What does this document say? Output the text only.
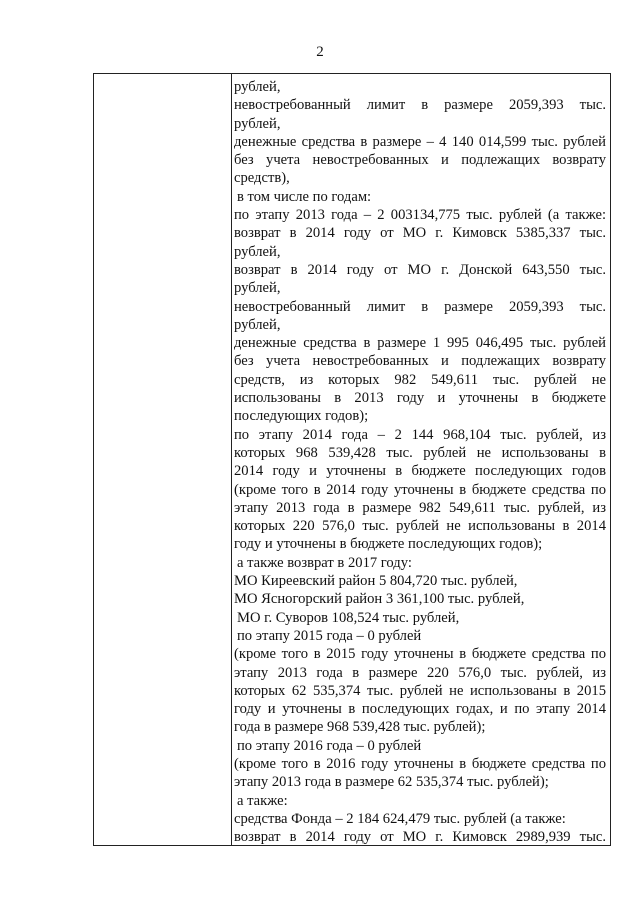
2
рублей,
невостребованный лимит в размере 2059,393 тыс.
рублей,
денежные средства в размере – 4 140 014,599 тыс. рублей
без учета невостребованных и подлежащих возврату
средств),
в том числе по годам:
по этапу 2013 года – 2 003134,775 тыс. рублей (а также:
возврат в 2014 году от МО г. Кимовск 5385,337 тыс.
рублей,
возврат в 2014 году от МО г. Донской 643,550 тыс.
рублей,
невостребованный лимит в размере 2059,393 тыс.
рублей,
денежные средства в размере 1 995 046,495 тыс. рублей
без учета невостребованных и подлежащих возврату
средств, из которых 982 549,611 тыс. рублей не
использованы в 2013 году и уточнены в бюджете
последующих годов);
по этапу 2014 года – 2 144 968,104 тыс. рублей, из
которых 968 539,428 тыс. рублей не использованы в
2014 году и уточнены в бюджете последующих годов
(кроме того в 2014 году уточнены в бюджете средства по
этапу 2013 года в размере 982 549,611 тыс. рублей, из
которых 220 576,0 тыс. рублей не использованы в 2014
году и уточнены в бюджете последующих годов);
а также возврат в 2017 году:
МО Киреевский район 5 804,720 тыс. рублей,
МО Ясногорский район 3 361,100 тыс. рублей,
МО г. Суворов 108,524 тыс. рублей,
по этапу 2015 года – 0 рублей
(кроме того в 2015 году уточнены в бюджете средства по
этапу 2013 года в размере 220 576,0 тыс. рублей, из
которых 62 535,374 тыс. рублей не использованы в 2015
году и уточнены в последующих годах, и по этапу 2014
года в размере 968 539,428 тыс. рублей);
по этапу 2016 года – 0 рублей
(кроме того в 2016 году уточнены в бюджете средства по
этапу 2013 года в размере 62 535,374 тыс. рублей);
а также:
средства Фонда – 2 184 624,479 тыс. рублей (а также:
возврат в 2014 году от МО г. Кимовск 2989,939 тыс.
